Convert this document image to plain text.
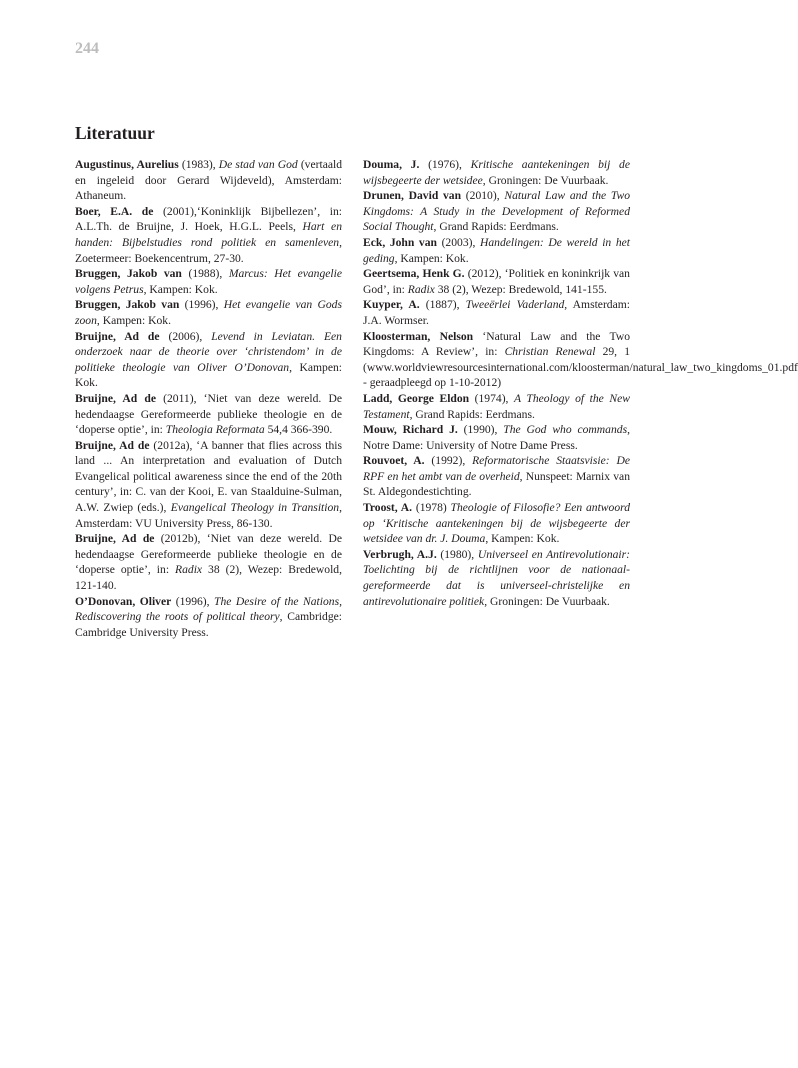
244
Literatuur

Augustinus, Aurelius (1983), De stad van God (vertaald en ingeleid door Gerard Wijdeveld), Amsterdam: Athaneum.

Boer, E.A. de (2001),‘Koninklijk Bijbellezen’, in: A.L.Th. de Bruijne, J. Hoek, H.G.L. Peels, Hart en handen: Bijbelstudies rond politiek en samenleven, Zoetermeer: Boekencentrum, 27-30.

Bruggen, Jakob van (1988), Marcus: Het evangelie volgens Petrus, Kampen: Kok.

Bruggen, Jakob van (1996), Het evangelie van Gods zoon, Kampen: Kok.

Bruijne, Ad de (2006), Levend in Leviatan. Een onderzoek naar de theorie over ‘christendom’ in de politieke theologie van Oliver O’Donovan, Kampen: Kok.

Bruijne, Ad de (2011), ‘Niet van deze wereld. De hedendaagse Gereformeerde publieke theologie en de ‘doperse optie’, in: Theologia Reformata 54,4 366-390.

Bruijne, Ad de (2012a), ‘A banner that flies across this land ... An interpretation and evaluation of Dutch Evangelical political awareness since the end of the 20th century’, in: C. van der Kooi, E. van Staalduine-Sulman, A.W. Zwiep (eds.), Evangelical Theology in Transition, Amsterdam: VU University Press, 86-130.

Bruijne, Ad de (2012b), ‘Niet van deze wereld. De hedendaagse Gereformeerde publieke theologie en de ‘doperse optie’, in: Radix 38 (2), Wezep: Bredewold, 121-140.

O’Donovan, Oliver (1996), The Desire of the Nations, Rediscovering the roots of political theory, Cambridge: Cambridge University Press.

Douma, J. (1976), Kritische aantekeningen bij de wijsbegeerte der wetsidee, Groningen: De Vuurbaak.

Drunen, David van (2010), Natural Law and the Two Kingdoms: A Study in the Development of Reformed Social Thought, Grand Rapids: Eerdmans.

Eck, John van (2003), Handelingen: De wereld in het geding, Kampen: Kok.

Geertsema, Henk G. (2012), ‘Politiek en koninkrijk van God’, in: Radix 38 (2), Wezep: Bredewold, 141-155.

Kuyper, A. (1887), Tweeërlei Vaderland, Amsterdam: J.A. Wormser.

Kloosterman, Nelson ‘Natural Law and the Two Kingdoms: A Review’, in: Christian Renewal 29, 1 (www.worldviewresourcesinternational.com/kloosterman/natural_law_two_kingdoms_01.pdf - geraadpleegd op 1-10-2012)

Ladd, George Eldon (1974), A Theology of the New Testament, Grand Rapids: Eerdmans.

Mouw, Richard J. (1990), The God who commands, Notre Dame: University of Notre Dame Press.

Rouvoet, A. (1992), Reformatorische Staatsvisie: De RPF en het ambt van de overheid, Nunspeet: Marnix van St. Aldegondestichting.

Troost, A. (1978) Theologie of Filosofie? Een antwoord op ‘Kritische aantekeningen bij de wijsbegeerte der wetsidee van dr. J. Douma, Kampen: Kok.

Verbrugh, A.J. (1980), Universeel en Antirevolutionair: Toelichting bij de richtlijnen voor de nationaal-gereformeerde dat is universeel-christelijke en antirevolutionaire politiek, Groningen: De Vuurbaak.
